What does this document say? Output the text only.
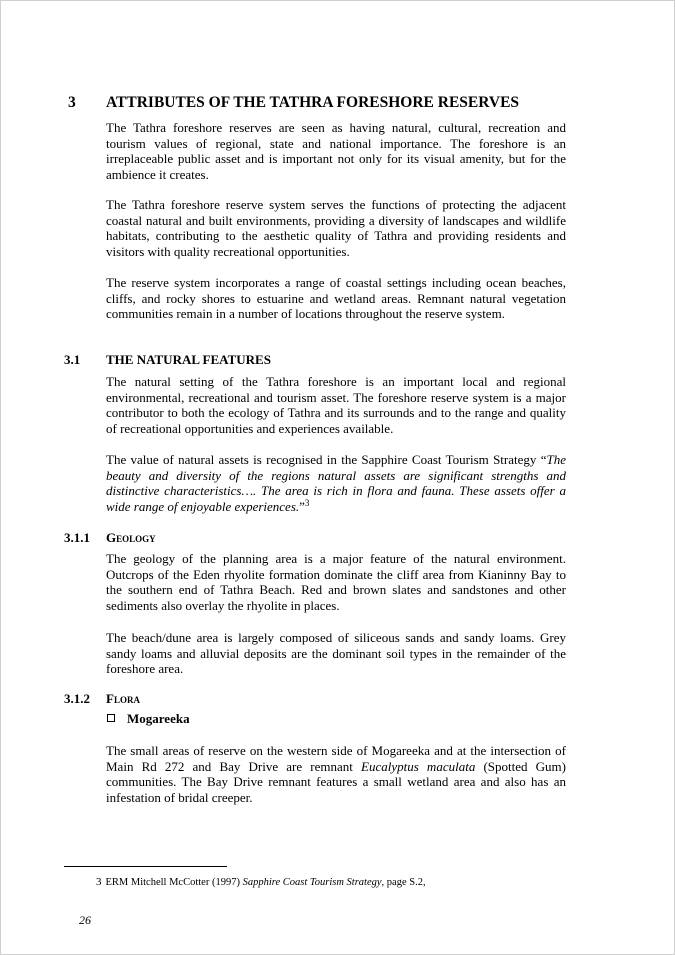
3 ATTRIBUTES OF THE TATHRA FORESHORE RESERVES

The Tathra foreshore reserves are seen as having natural, cultural, recreation and tourism values of regional, state and national importance. The foreshore is an irreplaceable public asset and is important not only for its visual amenity, but for the ambience it creates.

The Tathra foreshore reserve system serves the functions of protecting the adjacent coastal natural and built environments, providing a diversity of landscapes and wildlife habitats, contributing to the aesthetic quality of Tathra and providing residents and visitors with quality recreational opportunities.

The reserve system incorporates a range of coastal settings including ocean beaches, cliffs, and rocky shores to estuarine and wetland areas. Remnant natural vegetation communities remain in a number of locations throughout the reserve system.

3.1 THE NATURAL FEATURES

The natural setting of the Tathra foreshore is an important local and regional environmental, recreational and tourism asset. The foreshore reserve system is a major contributor to both the ecology of Tathra and its surrounds and to the range and quality of recreational opportunities and experiences available.

The value of natural assets is recognised in the Sapphire Coast Tourism Strategy “The beauty and diversity of the regions natural assets are significant strengths and distinctive characteristics…. The area is rich in flora and fauna. These assets offer a wide range of enjoyable experiences.”$^3$

3.1.1 Geology

The geology of the planning area is a major feature of the natural environment. Outcrops of the Eden rhyolite formation dominate the cliff area from Kianinny Bay to the southern end of Tathra Beach. Red and brown slates and sandstones and other sediments also overlay the rhyolite in places.

The beach/dune area is largely composed of siliceous sands and sandy loams. Grey sandy loams and alluvial deposits are the dominant soil types in the remainder of the foreshore area.

3.1.2 Flora
Mogareeka

The small areas of reserve on the western side of Mogareeka and at the intersection of Main Rd 272 and Bay Drive are remnant Eucalyptus maculata (Spotted Gum) communities. The Bay Drive remnant features a small wetland area and also has an infestation of bridal creeper.

3 ERM Mitchell McCotter (1997) Sapphire Coast Tourism Strategy, page S.2,
26
